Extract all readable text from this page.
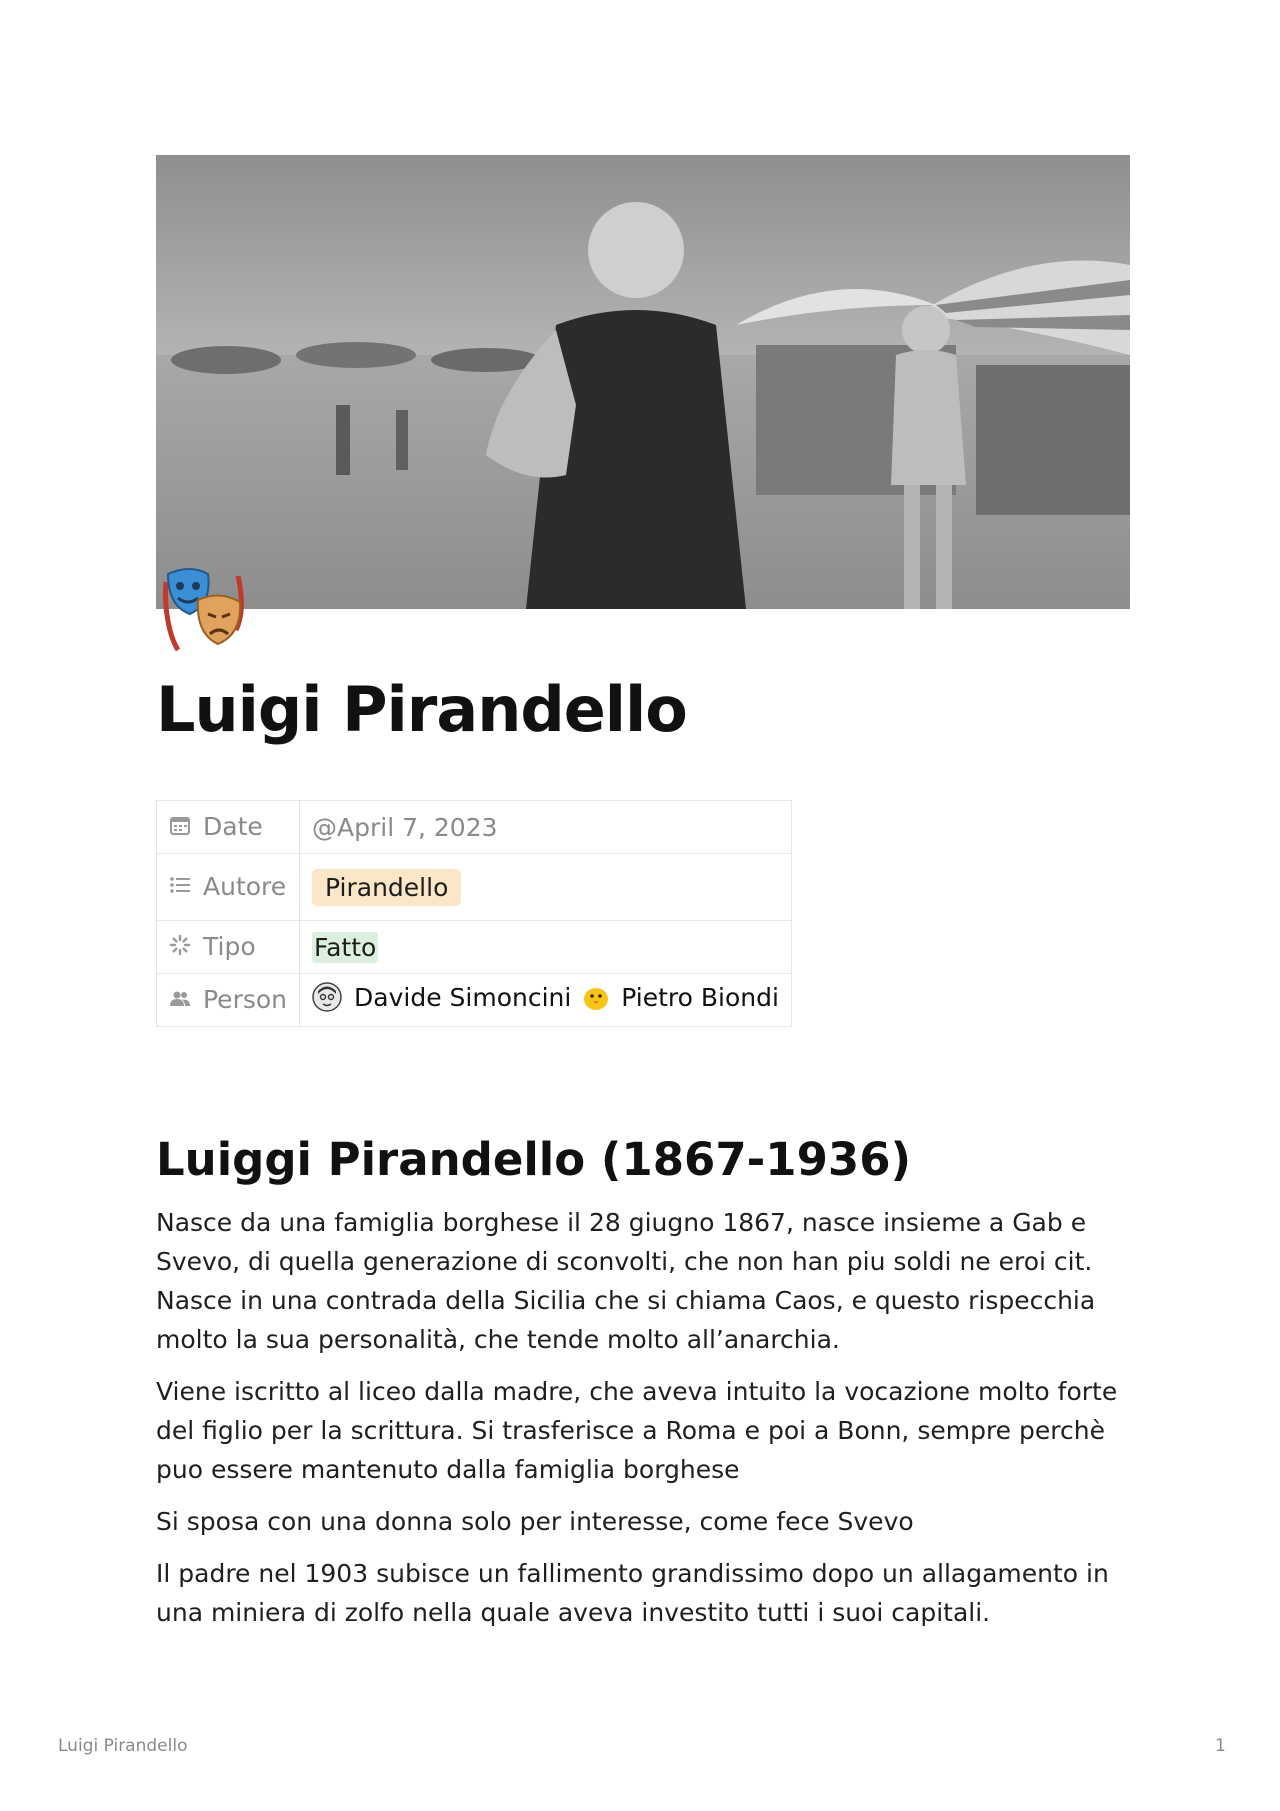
Luigi Pirandello
Date	@April 7, 2023
Autore	Pirandello
Tipo	Fatto
Person	Davide Simoncini
Pietro Biondi
Luiggi Pirandello (1867-1936)

Nasce da una famiglia borghese il 28 giugno 1867, nasce insieme a Gab e Svevo, di quella generazione di sconvolti, che non han piu soldi ne eroi cit. Nasce in una contrada della Sicilia che si chiama Caos, e questo rispecchia molto la sua personalità, che tende molto all’anarchia.

Viene iscritto al liceo dalla madre, che aveva intuito la vocazione molto forte del figlio per la scrittura. Si trasferisce a Roma e poi a Bonn, sempre perchè puo essere mantenuto dalla famiglia borghese

Si sposa con una donna solo per interesse, come fece Svevo

Il padre nel 1903 subisce un fallimento grandissimo dopo un allagamento in una miniera di zolfo nella quale aveva investito tutti i suoi capitali.

Luigi Pirandello	1
